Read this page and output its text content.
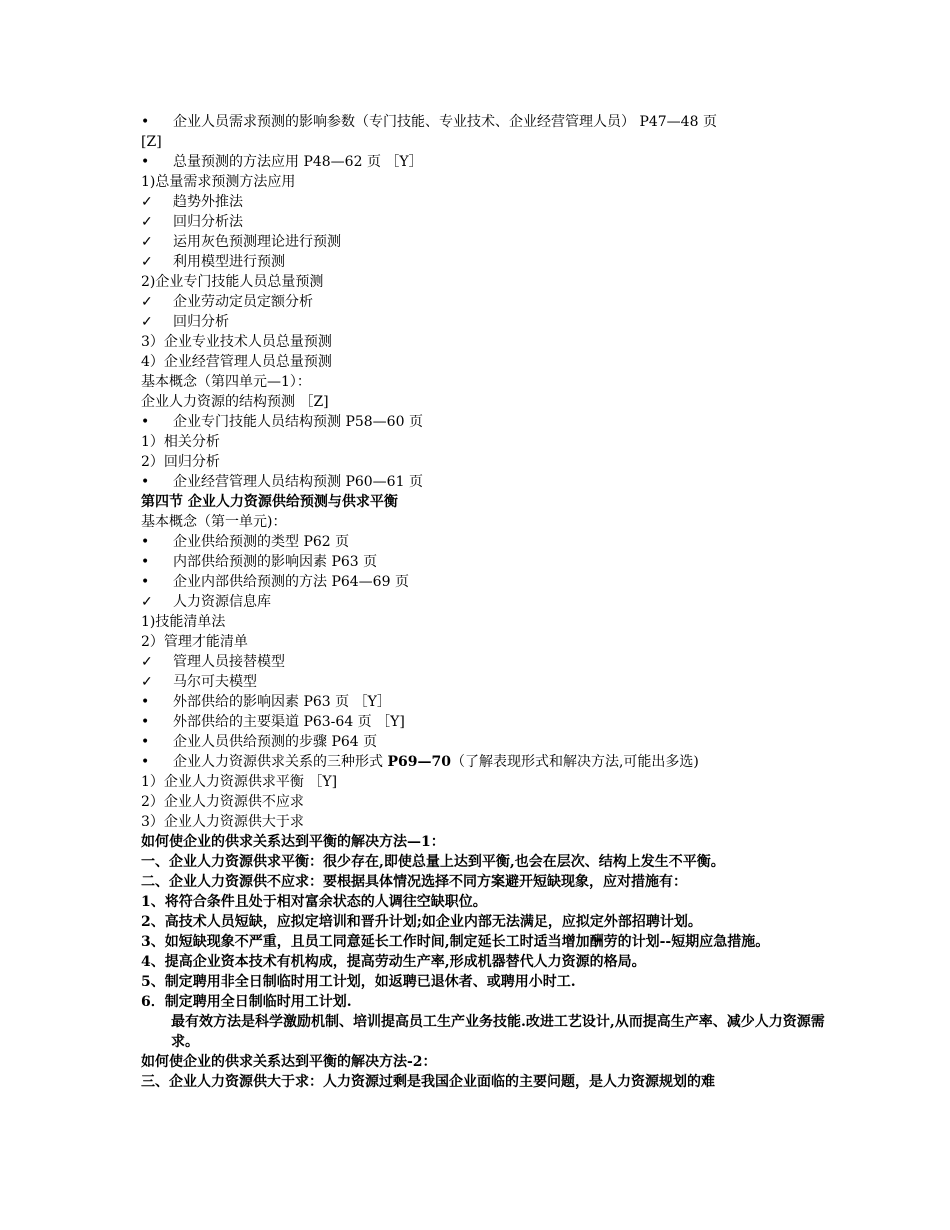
• 企业人员需求预测的影响参数（专门技能、专业技术、企业经营管理人员） P47—48 页
[Z]
• 总量预测的方法应用 P48—62 页 ［Y］
1)总量需求预测方法应用
✓ 趋势外推法
✓ 回归分析法
✓ 运用灰色预测理论进行预测
✓ 利用模型进行预测
2)企业专门技能人员总量预测
✓ 企业劳动定员定额分析
✓ 回归分析
3）企业专业技术人员总量预测
4）企业经营管理人员总量预测
基本概念（第四单元—1）：
企业人力资源的结构预测 ［Z]
• 企业专门技能人员结构预测 P58—60 页
1）相关分析
2）回归分析
• 企业经营管理人员结构预测 P60—61 页
第四节 企业人力资源供给预测与供求平衡
基本概念（第一单元)：
• 企业供给预测的类型 P62 页
• 内部供给预测的影响因素 P63 页
• 企业内部供给预测的方法 P64—69 页
✓ 人力资源信息库
1)技能清单法
2）管理才能清单
✓ 管理人员接替模型
✓ 马尔可夫模型
• 外部供给的影响因素 P63 页 ［Y］
• 外部供给的主要渠道 P63-64 页 ［Y]
• 企业人员供给预测的步骤 P64 页
• 企业人力资源供求关系的三种形式 P69—70（了解表现形式和解决方法,可能出多选)
1）企业人力资源供求平衡 ［Y]
2）企业人力资源供不应求
3）企业人力资源供大于求
如何使企业的供求关系达到平衡的解决方法—1：
一、企业人力资源供求平衡：很少存在,即使总量上达到平衡,也会在层次、结构上发生不平衡。
二、企业人力资源供不应求：要根据具体情况选择不同方案避开短缺现象，应对措施有：
1、将符合条件且处于相对富余状态的人调往空缺职位。
2、高技术人员短缺，应拟定培训和晋升计划;如企业内部无法满足，应拟定外部招聘计划。
3、如短缺现象不严重，且员工同意延长工作时间,制定延长工时适当增加酬劳的计划--短期应急措施。
4、提高企业资本技术有机构成，提高劳动生产率,形成机器替代人力资源的格局。
5、制定聘用非全日制临时用工计划，如返聘已退休者、或聘用小时工.
6．制定聘用全日制临时用工计划.
最有效方法是科学激励机制、培训提高员工生产业务技能.改进工艺设计,从而提高生产率、减少人力资源需求。
如何使企业的供求关系达到平衡的解决方法-2：
三、企业人力资源供大于求：人力资源过剩是我国企业面临的主要问题，是人力资源规划的难
